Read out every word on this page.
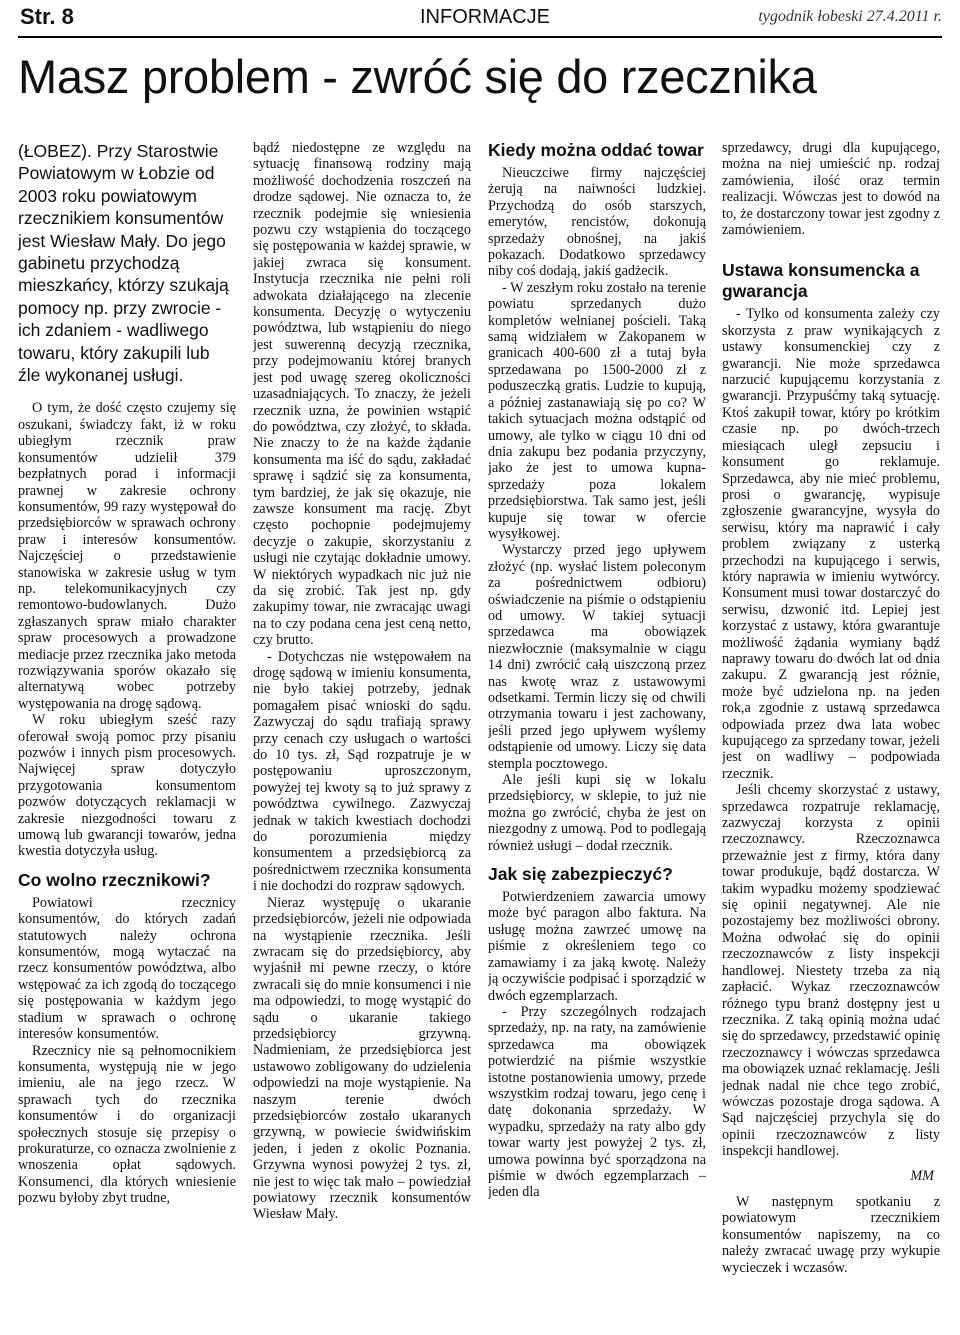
Str. 8	INFORMACJE	tygodnik łobeski 27.4.2011 r.
Masz problem - zwróć się do rzecznika

(ŁOBEZ). Przy Starostwie Powiatowym w Łobzie od 2003 roku powiatowym rzecznikiem konsumentów jest Wiesław Mały. Do jego gabinetu przychodzą mieszkańcy, którzy szukają pomocy np. przy zwrocie - ich zdaniem - wadliwego towaru, który zakupili lub źle wykonanej usługi.

O tym, że dość często czujemy się oszukani, świadczy fakt, iż w roku ubiegłym rzecznik praw konsumentów udzielił 379 bezpłatnych porad i informacji prawnej w zakresie ochrony konsumentów, 99 razy występował do przedsiębiorców w sprawach ochrony praw i interesów konsumentów. Najczęściej o przedstawienie stanowiska w zakresie usług w tym np. telekomunikacyjnych czy remontowo-budowlanych. Dużo zgłaszanych spraw miało charakter spraw procesowych a prowadzone mediacje przez rzecznika jako metoda rozwiązywania sporów okazało się alternatywą wobec potrzeby występowania na drogę sądową.

W roku ubiegłym sześć razy oferował swoją pomoc przy pisaniu pozwów i innych pism procesowych. Najwięcej spraw dotyczyło przygotowania konsumentom pozwów dotyczących reklamacji w zakresie niezgodności towaru z umową lub gwarancji towarów, jedna kwestia dotyczyła usług.

Co wolno rzecznikowi?

Powiatowi rzecznicy konsumentów, do których zadań statutowych należy ochrona konsumentów, mogą wytaczać na rzecz konsumentów powództwa, albo wstępować za ich zgodą do toczącego się postępowania w każdym jego stadium w sprawach o ochronę interesów konsumentów.

Rzecznicy nie są pełnomocnikiem konsumenta, występują nie w jego imieniu, ale na jego rzecz. W sprawach tych do rzecznika konsumentów i do organizacji społecznych stosuje się przepisy o prokuraturze, co oznacza zwolnienie z wnoszenia opłat sądowych. Konsumenci, dla których wniesienie pozwu byłoby zbyt trudne,

bądź niedostępne ze względu na sytuację finansową rodziny mają możliwość dochodzenia roszczeń na drodze sądowej. Nie oznacza to, że rzecznik podejmie się wniesienia pozwu czy wstąpienia do toczącego się postępowania w każdej sprawie, w jakiej zwraca się konsument. Instytucja rzecznika nie pełni roli adwokata działającego na zlecenie konsumenta. Decyzję o wytyczeniu powództwa, lub wstąpieniu do niego jest suwerenną decyzją rzecznika, przy podejmowaniu której branych jest pod uwagę szereg okoliczności uzasadniających. To znaczy, że jeżeli rzecznik uzna, że powinien wstąpić do powództwa, czy złożyć, to składa. Nie znaczy to że na każde żądanie konsumenta ma iść do sądu, zakładać sprawę i sądzić się za konsumenta, tym bardziej, że jak się okazuje, nie zawsze konsument ma rację. Zbyt często pochopnie podejmujemy decyzje o zakupie, skorzystaniu z usługi nie czytając dokładnie umowy. W niektórych wypadkach nic już nie da się zrobić. Tak jest np. gdy zakupimy towar, nie zwracając uwagi na to czy podana cena jest ceną netto, czy brutto.

- Dotychczas nie wstępowałem na drogę sądową w imieniu konsumenta, nie było takiej potrzeby, jednak pomagałem pisać wnioski do sądu. Zazwyczaj do sądu trafiają sprawy przy cenach czy usługach o wartości do 10 tys. zł, Sąd rozpatruje je w postępowaniu uproszczonym, powyżej tej kwoty są to już sprawy z powództwa cywilnego. Zazwyczaj jednak w takich kwestiach dochodzi do porozumienia między konsumentem a przedsiębiorcą za pośrednictwem rzecznika konsumenta i nie dochodzi do rozpraw sądowych.

Nieraz występuję o ukaranie przedsiębiorców, jeżeli nie odpowiada na wystąpienie rzecznika. Jeśli zwracam się do przedsiębiorcy, aby wyjaśnił mi pewne rzeczy, o które zwracali się do mnie konsumenci i nie ma odpowiedzi, to mogę wystąpić do sądu o ukaranie takiego przedsiębiorcy grzywną. Nadmieniam, że przedsiębiorca jest ustawowo zobligowany do udzielenia odpowiedzi na moje wystąpienie. Na naszym terenie dwóch przedsiębiorców zostało ukaranych grzywną, w powiecie świdwińskim jeden, i jeden z okolic Poznania. Grzywna wynosi powyżej 2 tys. zł, nie jest to więc tak mało – powiedział powiatowy rzecznik konsumentów Wiesław Mały.

Kiedy można oddać towar

Nieuczciwe firmy najczęściej żerują na naiwności ludzkiej. Przychodzą do osób starszych, emerytów, rencistów, dokonują sprzedaży obnośnej, na jakiś pokazach. Dodatkowo sprzedawcy niby coś dodają, jakiś gadżecik.

- W zeszłym roku zostało na terenie powiatu sprzedanych dużo kompletów wełnianej pościeli. Taką samą widziałem w Zakopanem w granicach 400-600 zł a tutaj była sprzedawana po 1500-2000 zł z poduszeczką gratis. Ludzie to kupują, a później zastanawiają się po co? W takich sytuacjach można odstąpić od umowy, ale tylko w ciągu 10 dni od dnia zakupu bez podania przyczyny, jako że jest to umowa kupna-sprzedaży poza lokalem przedsiębiorstwa. Tak samo jest, jeśli kupuje się towar w ofercie wysyłkowej.

Wystarczy przed jego upływem złożyć (np. wysłać listem poleconym za pośrednictwem odbioru) oświadczenie na piśmie o odstąpieniu od umowy. W takiej sytuacji sprzedawca ma obowiązek niezwłocznie (maksymalnie w ciągu 14 dni) zwrócić całą uiszczoną przez nas kwotę wraz z ustawowymi odsetkami. Termin liczy się od chwili otrzymania towaru i jest zachowany, jeśli przed jego upływem wyślemy odstąpienie od umowy. Liczy się data stempla pocztowego.

Ale jeśli kupi się w lokalu przedsiębiorcy, w sklepie, to już nie można go zwrócić, chyba że jest on niezgodny z umową. Pod to podlegają również usługi – dodał rzecznik.

Jak się zabezpieczyć?

Potwierdzeniem zawarcia umowy może być paragon albo faktura. Na usługę można zawrzeć umowę na piśmie z określeniem tego co zamawiamy i za jaką kwotę. Należy ją oczywiście podpisać i sporządzić w dwóch egzemplarzach.

- Przy szczególnych rodzajach sprzedaży, np. na raty, na zamówienie sprzedawca ma obowiązek potwierdzić na piśmie wszystkie istotne postanowienia umowy, przede wszystkim rodzaj towaru, jego cenę i datę dokonania sprzedaży. W wypadku, sprzedaży na raty albo gdy towar warty jest powyżej 2 tys. zł, umowa powinna być sporządzona na piśmie w dwóch egzemplarzach – jeden dla

sprzedawcy, drugi dla kupującego, można na niej umieścić np. rodzaj zamówienia, ilość oraz termin realizacji. Wówczas jest to dowód na to, że dostarczony towar jest zgodny z zamówieniem.

Ustawa konsumencka a gwarancja

- Tylko od konsumenta zależy czy skorzysta z praw wynikających z ustawy konsumenckiej czy z gwarancji. Nie może sprzedawca narzucić kupującemu korzystania z gwarancji. Przypuśćmy taką sytuację. Ktoś zakupił towar, który po krótkim czasie np. po dwóch-trzech miesiącach uległ zepsuciu i konsument go reklamuje. Sprzedawca, aby nie mieć problemu, prosi o gwarancję, wypisuje zgłoszenie gwarancyjne, wysyła do serwisu, który ma naprawić i cały problem związany z usterką przechodzi na kupującego i serwis, który naprawia w imieniu wytwórcy. Konsument musi towar dostarczyć do serwisu, dzwonić itd. Lepiej jest korzystać z ustawy, która gwarantuje możliwość żądania wymiany bądź naprawy towaru do dwóch lat od dnia zakupu. Z gwarancją jest różnie, może być udzielona np. na jeden rok,a zgodnie z ustawą sprzedawca odpowiada przez dwa lata wobec kupującego za sprzedany towar, jeżeli jest on wadliwy – podpowiada rzecznik.

Jeśli chcemy skorzystać z ustawy, sprzedawca rozpatruje reklamację, zazwyczaj korzysta z opinii rzeczoznawcy. Rzeczoznawca przeważnie jest z firmy, która dany towar produkuje, bądź dostarcza. W takim wypadku możemy spodziewać się opinii negatywnej. Ale nie pozostajemy bez możliwości obrony. Można odwołać się do opinii rzeczoznawców z listy inspekcji handlowej. Niestety trzeba za nią zapłacić. Wykaz rzeczoznawców różnego typu branż dostępny jest u rzecznika. Z taką opinią można udać się do sprzedawcy, przedstawić opinię rzeczoznawcy i wówczas sprzedawca ma obowiązek uznać reklamację. Jeśli jednak nadal nie chce tego zrobić, wówczas pozostaje droga sądowa. A Sąd najczęściej przychyla się do opinii rzeczoznawców z listy inspekcji handlowej.

MM

W następnym spotkaniu z powiatowym rzecznikiem konsumentów napiszemy, na co należy zwracać uwagę przy wykupie wycieczek i wczasów.
